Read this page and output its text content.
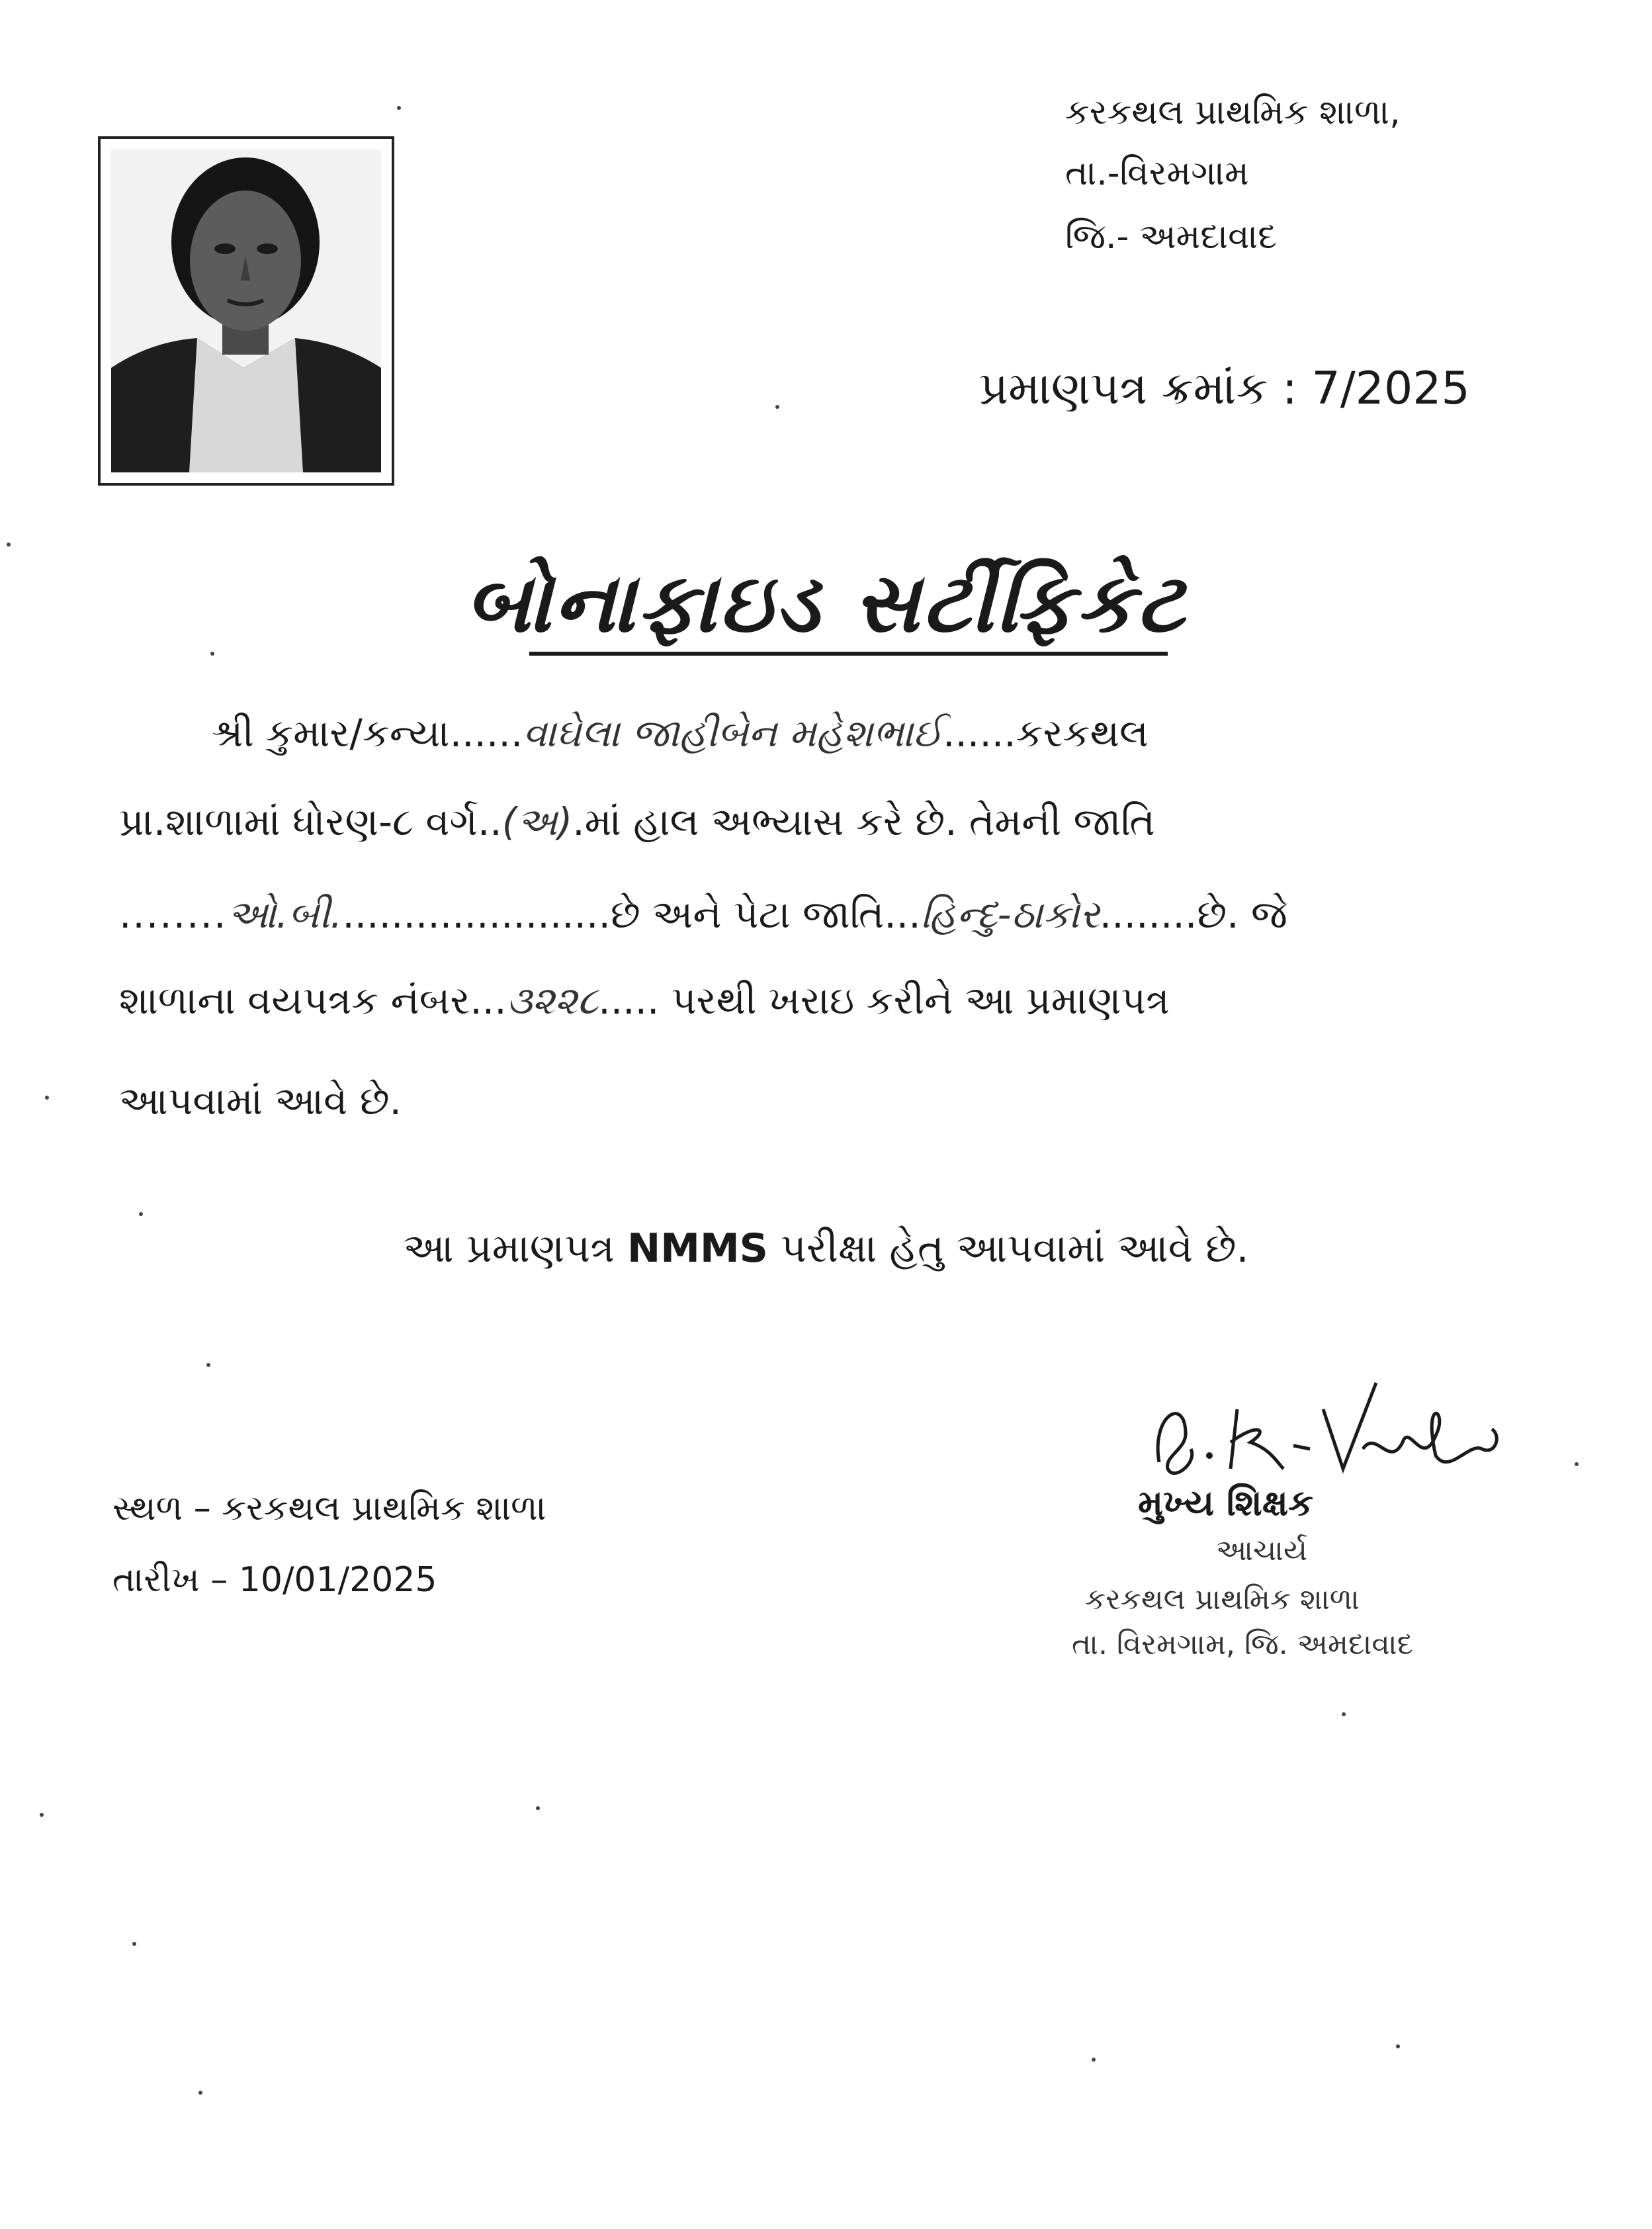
કરકથલ પ્રાથમિક શાળા,
તા.-વિરમગામ
જિ.- અમદાવાદ
પ્રમાણપત્ર ક્રમાંક : 7/2025
બોનાફાઇડ સર્ટીફિકેટ
શ્રી કુમાર/કન્યા......વાઘેલા જાહીબેન મહેશભાઈ......કરકથલ
પ્રા.શાળામાં ધોરણ-૮ વર્ગ..(અ).માં હાલ અભ્યાસ કરે છે. તેમની જાતિ
........ઓ.બી.......................છે અને પેટા જાતિ...હિન્દુ-ઠાકોર........છે. જે
શાળાના વયપત્રક નંબર...૩૨૨૮..... પરથી ખરાઇ કરીને આ પ્રમાણપત્ર
આપવામાં આવે છે.
આ પ્રમાણપત્ર NMMS પરીક્ષા હેતુ આપવામાં આવે છે.
સ્થળ – કરકથલ પ્રાથમિક શાળા
તારીખ – 10/01/2025
મુખ્ય શિક્ષક
આચાર્ય
કરકથલ પ્રાથમિક શાળા
તા. વિરમગામ, જિ. અમદાવાદ
